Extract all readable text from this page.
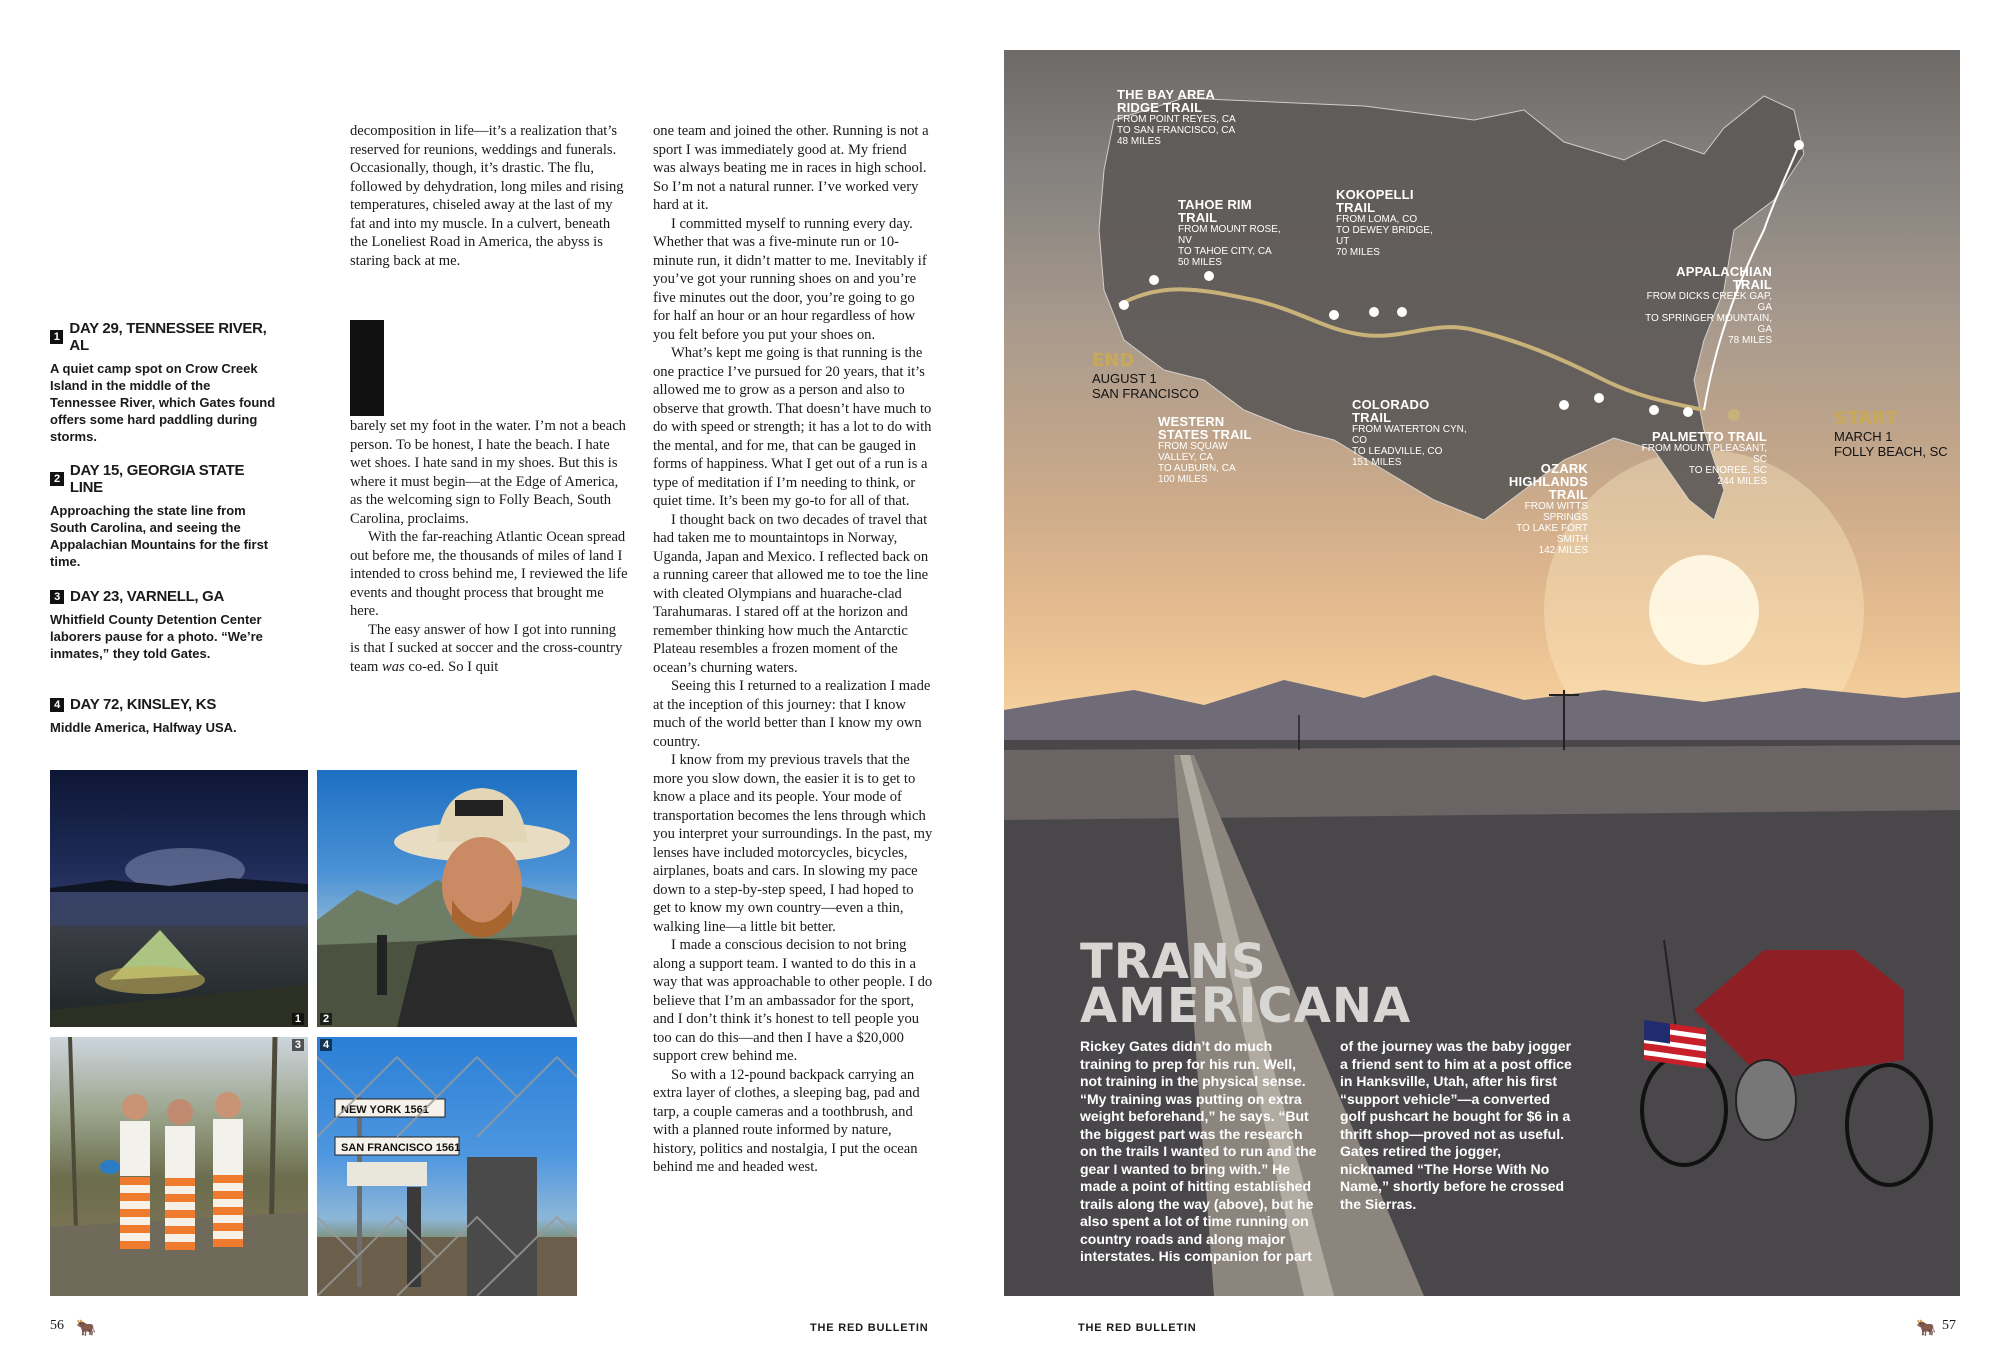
1 DAY 29, TENNESSEE RIVER, AL
A quiet camp spot on Crow Creek Island in the middle of the Tennessee River, which Gates found offers some hard paddling during storms.
2 DAY 15, GEORGIA STATE LINE
Approaching the state line from South Carolina, and seeing the Appalachian Mountains for the first time.
3 DAY 23, VARNELL, GA
Whitfield County Detention Center laborers pause for a photo. “We’re inmates,” they told Gates.
4 DAY 72, KINSLEY, KS
Middle America, Halfway USA.

decomposition in life—it’s a realization that’s reserved for reunions, weddings and funerals. Occasionally, though, it’s drastic. The flu, followed by dehydration, long miles and rising temperatures, chiseled away at the last of my fat and into my muscle. In a culvert, beneath the Loneliest Road in America, the abyss is staring back at me.

barely set my foot in the water. I’m not a beach person. To be honest, I hate the beach. I hate wet shoes. I hate sand in my shoes. But this is where it must begin—at the Edge of America, as the welcoming sign to Folly Beach, South Carolina, proclaims.

With the far-reaching Atlantic Ocean spread out before me, the thousands of miles of land I intended to cross behind me, I reviewed the life events and thought process that brought me here.

The easy answer of how I got into running is that I sucked at soccer and the cross-country team was co-ed. So I quit

one team and joined the other. Running is not a sport I was immediately good at. My friend was always beating me in races in high school. So I’m not a natural runner. I’ve worked very hard at it.

I committed myself to running every day. Whether that was a five-minute run or 10-minute run, it didn’t matter to me. Inevitably if you’ve got your running shoes on and you’re five minutes out the door, you’re going to go for half an hour or an hour regardless of how you felt before you put your shoes on.

What’s kept me going is that running is the one practice I’ve pursued for 20 years, that it’s allowed me to grow as a person and also to observe that growth. That doesn’t have much to do with speed or strength; it has a lot to do with the mental, and for me, that can be gauged in forms of happiness. What I get out of a run is a type of meditation if I’m needing to think, or quiet time. It’s been my go-to for all of that.

I thought back on two decades of travel that had taken me to mountaintops in Norway, Uganda, Japan and Mexico. I reflected back on a running career that allowed me to toe the line with cleated Olympians and huarache-clad Tarahumaras. I stared off at the horizon and remember thinking how much the Antarctic Plateau resembles a frozen moment of the ocean’s churning waters.

Seeing this I returned to a realization I made at the inception of this journey: that I know much of the world better than I know my own country.

I know from my previous travels that the more you slow down, the easier it is to get to know a place and its people. Your mode of transportation becomes the lens through which you interpret your surroundings. In the past, my lenses have included motorcycles, bicycles, airplanes, boats and cars. In slowing my pace down to a step-by-step speed, I had hoped to get to know my own country—even a thin, walking line—a little bit better.

I made a conscious decision to not bring along a support team. I wanted to do this in a way that was approachable to other people. I do believe that I’m an ambassador for the sport, and I don’t think it’s honest to tell people you too can do this—and then I have a $20,000 support crew behind me.

So with a 12-pound backpack carrying an extra layer of clothes, a sleeping bag, pad and tarp, a couple cameras and a toothbrush, and with a planned route informed by nature, history, politics and nostalgia, I put the ocean behind me and headed west.

1 2
3
NEW YORK 1561
SAN FRANCISCO 1561
4
56 🐂	THE RED BULLETIN
THE BAY AREA RIDGE TRAIL
FROM POINT REYES, CA
TO SAN FRANCISCO, CA
48 MILES
TAHOE RIM TRAIL
FROM MOUNT ROSE, NV
TO TAHOE CITY, CA
50 MILES
KOKOPELLI TRAIL
FROM LOMA, CO
TO DEWEY BRIDGE, UT
70 MILES
APPALACHIAN TRAIL
FROM DICKS CREEK GAP, GA
TO SPRINGER MOUNTAIN, GA
78 MILES
WESTERN STATES TRAIL
FROM SQUAW VALLEY, CA
TO AUBURN, CA
100 MILES
COLORADO TRAIL
FROM WATERTON CYN, CO
TO LEADVILLE, CO
151 MILES	OZARK HIGHLANDS TRAIL
FROM WITTS SPRINGS
TO LAKE FORT SMITH
142 MILES
PALMETTO TRAIL
FROM MOUNT PLEASANT, SC
TO ENOREE, SC
244 MILES
END
AUGUST 1
SAN FRANCISCO
START
MARCH 1
FOLLY BEACH, SC
TRANS
AMERICANA
Rickey Gates didn’t do much training to prep for his run. Well, not training in the physical sense. “My training was putting on extra weight beforehand,” he says. “But the biggest part was the research on the trails I wanted to run and the gear I wanted to bring with.” He made a point of hitting established trails along the way (above), but he also spent a lot of time running on country roads and along major interstates. His companion for part
of the journey was the baby jogger a friend sent to him at a post office in Hanksville, Utah, after his first “support vehicle”—a converted golf pushcart he bought for $6 in a thrift shop—proved not as useful. Gates retired the jogger, nicknamed “The Horse With No Name,” shortly before he crossed the Sierras.
THE RED BULLETIN	🐂 57
